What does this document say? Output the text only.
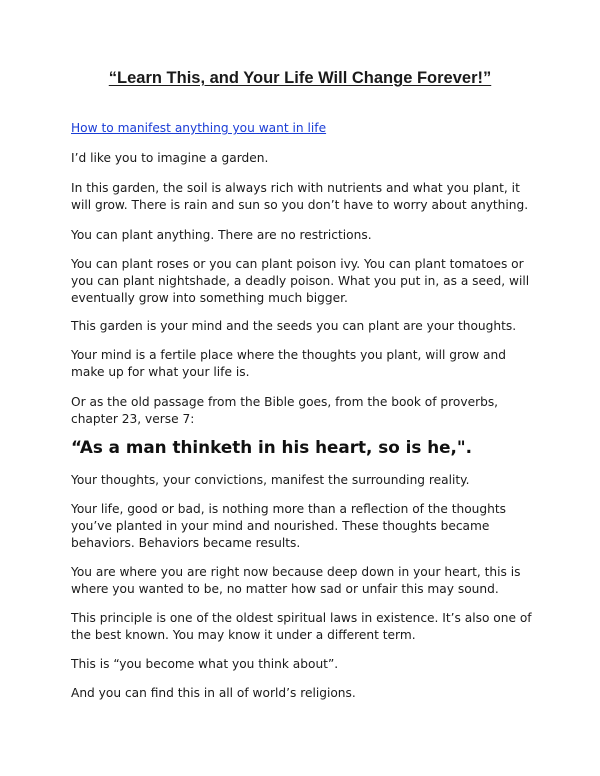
“Learn This, and Your Life Will Change Forever!”

How to manifest anything you want in life

I’d like you to imagine a garden.

In this garden, the soil is always rich with nutrients and what you plant, it will grow. There is rain and sun so you don’t have to worry about anything.

You can plant anything. There are no restrictions.

You can plant roses or you can plant poison ivy. You can plant tomatoes or you can plant nightshade, a deadly poison. What you put in, as a seed, will eventually grow into something much bigger.

This garden is your mind and the seeds you can plant are your thoughts.

Your mind is a fertile place where the thoughts you plant, will grow and make up for what your life is.

Or as the old passage from the Bible goes, from the book of proverbs, chapter 23, verse 7:

“As a man thinketh in his heart, so is he,".

Your thoughts, your convictions, manifest the surrounding reality.

Your life, good or bad, is nothing more than a reflection of the thoughts you’ve planted in your mind and nourished. These thoughts became behaviors. Behaviors became results.

You are where you are right now because deep down in your heart, this is where you wanted to be, no matter how sad or unfair this may sound.

This principle is one of the oldest spiritual laws in existence. It’s also one of the best known. You may know it under a different term.

This is “you become what you think about”.

And you can find this in all of world’s religions.
